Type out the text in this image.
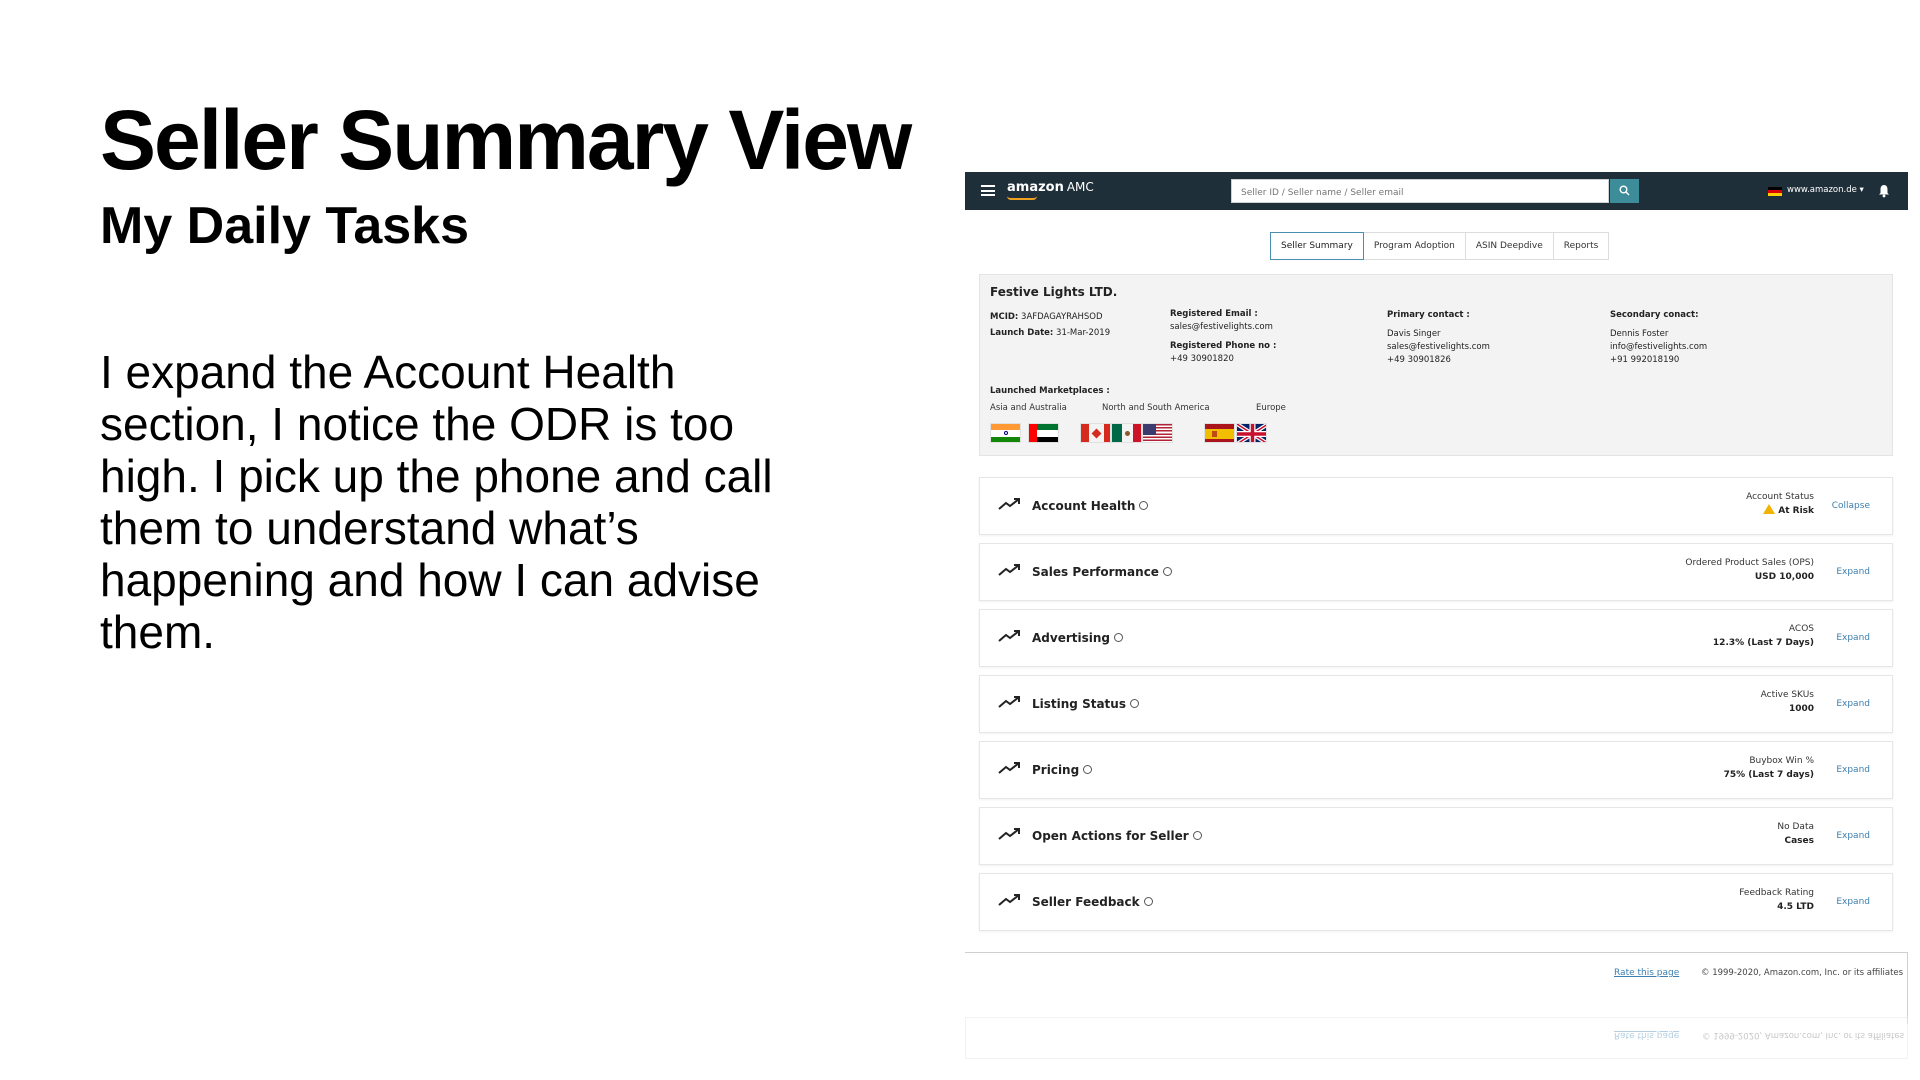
Seller Summary View
My Daily Tasks
I expand the Account Health section, I notice the ODR is too high. I pick up the phone and call them to understand what’s happening and how I can advise them.
amazon AMC
Seller ID / Seller name / Seller email	www.amazon.de ▾
Seller Summary	Program Adoption	ASIN Deepdive	Reports
Festive Lights LTD.
MCID: 3AFDAGAYRAHSOD

Launch Date: 31-Mar-2019
Registered Email :
sales@festivelights.com

Registered Phone no :
+49 30901820
Primary contact :

Davis Singer
sales@festivelights.com
+49 30901826
Secondary conact:

Dennis Foster
info@festivelights.com
+91 992018190
Launched Marketplaces :
Asia and Australia	North and South America	Europe
Account Health
Account Status
At Risk Collapse
Sales Performance
Ordered Product Sales (OPS)
USD 10,000 Expand
Advertising
ACOS
12.3% (Last 7 Days) Expand
Listing Status
Active SKUs
1000 Expand
Pricing
Buybox Win %
75% (Last 7 days) Expand
Open Actions for Seller
No Data
Cases Expand
Seller Feedback
Feedback Rating
4.5 LTD Expand
Rate this page	© 1999-2020, Amazon.com, Inc. or its affiliates
Rate this page	© 1999-2020, Amazon.com, Inc. or its affiliates
